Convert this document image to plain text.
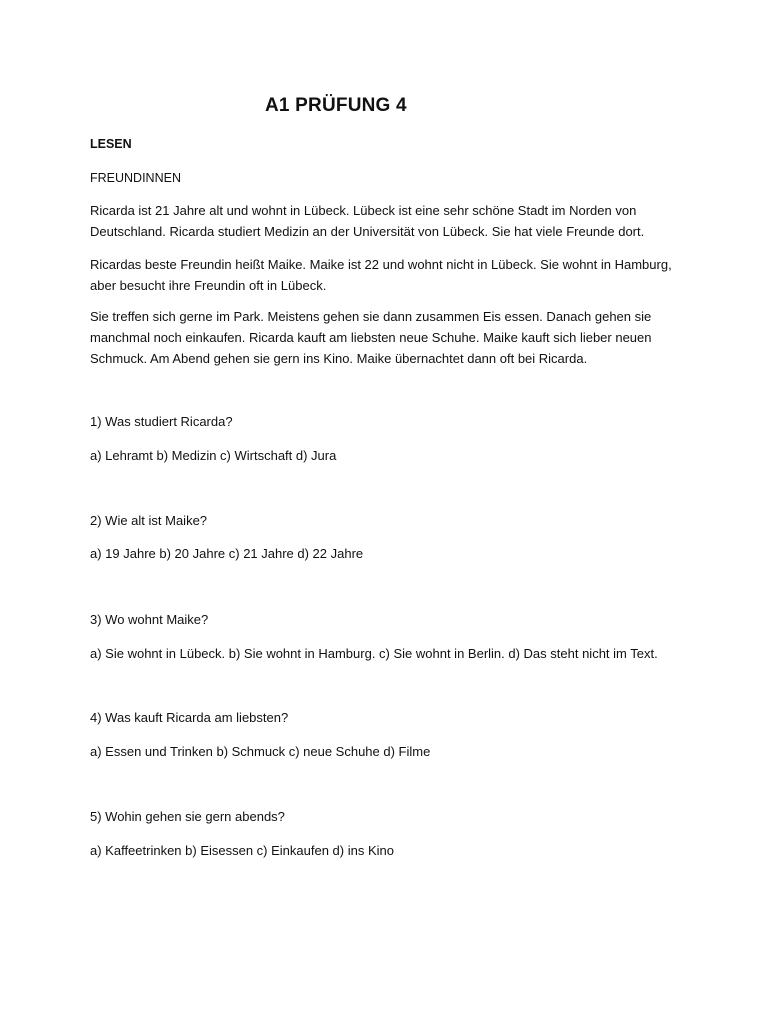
A1 PRÜFUNG 4
LESEN
FREUNDINNEN
Ricarda ist 21 Jahre alt und wohnt in Lübeck. Lübeck ist eine sehr schöne Stadt im Norden von
Deutschland. Ricarda studiert Medizin an der Universität von Lübeck. Sie hat viele Freunde dort.
Ricardas beste Freundin heißt Maike. Maike ist 22 und wohnt nicht in Lübeck. Sie wohnt in Hamburg,
aber besucht ihre Freundin oft in Lübeck.
Sie treffen sich gerne im Park. Meistens gehen sie dann zusammen Eis essen. Danach gehen sie
manchmal noch einkaufen. Ricarda kauft am liebsten neue Schuhe. Maike kauft sich lieber neuen
Schmuck. Am Abend gehen sie gern ins Kino. Maike übernachtet dann oft bei Ricarda.
1) Was studiert Ricarda?
a) Lehramt b) Medizin c) Wirtschaft d) Jura
2) Wie alt ist Maike?
a) 19 Jahre b) 20 Jahre c) 21 Jahre d) 22 Jahre
3) Wo wohnt Maike?
a) Sie wohnt in Lübeck. b) Sie wohnt in Hamburg. c) Sie wohnt in Berlin. d) Das steht nicht im Text.
4) Was kauft Ricarda am liebsten?
a) Essen und Trinken b) Schmuck c) neue Schuhe d) Filme
5) Wohin gehen sie gern abends?
a) Kaffeetrinken b) Eisessen c) Einkaufen d) ins Kino
